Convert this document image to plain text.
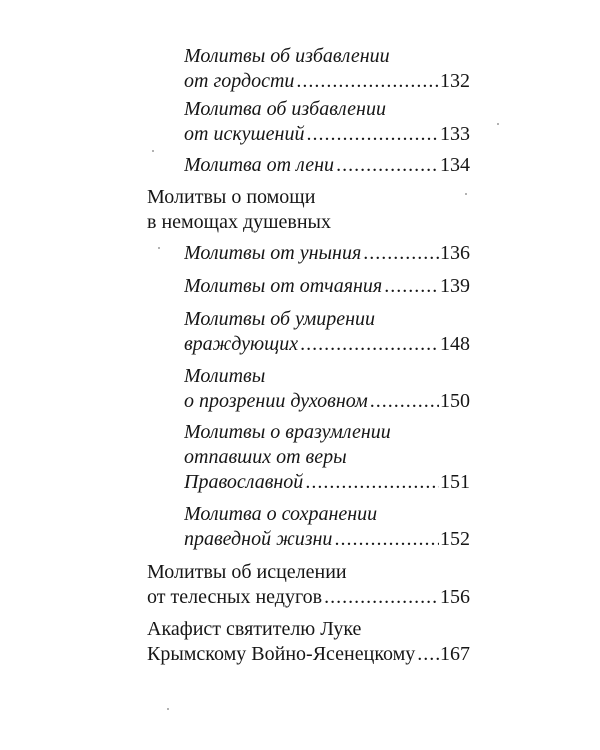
Молитвы об избавлении
от гордости .....	132
Молитва об избавлении
от искушений .....	133
Молитва от лени .....	134
Молитвы о помощи
в немощах душевных
Молитвы от уныния .....	136
Молитвы от отчаяния .....	139
Молитвы об умирении
враждующих .....	148
Молитвы
о прозрении духовном .....	150
Молитвы о вразумлении
отпавших от веры
Православной .....	151
Молитва о сохранении
праведной жизни .....	152
Молитвы об исцелении
от телесных недугов .....	156
Акафист святителю Луке
Крымскому Войно-Ясенецкому ..... 167
